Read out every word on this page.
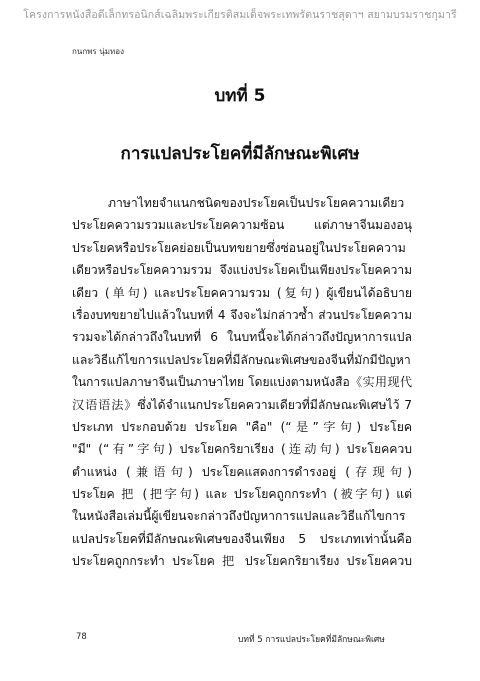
โครงการหนังสือดีเล็กทรอนิกส์เฉลิมพระเกียรติสมเด็จพระเทพรัตนราชสุดาฯ สยามบรมราชกุมารี
กนกพร นุ่มทอง
บทที่ 5
การแปลประโยคที่มีลักษณะพิเศษ
ภาษาไทยจำแนกชนิดของประโยคเป็นประโยคความเดียว
ประโยคความรวมและประโยคความซ้อน แต่ภาษาจีนมองอนุ
ประโยคหรือประโยคย่อยเป็นบทขยายซึ่งซ่อนอยู่ในประโยคความ
เดียวหรือประโยคความรวม จึงแบ่งประโยคเป็นเพียงประโยคความ
เดียว (单句) และประโยคความรวม (复句) ผู้เขียนได้อธิบาย
เรื่องบทขยายไปแล้วในบทที่ 4 จึงจะไม่กล่าวซ้ำ ส่วนประโยคความ
รวมจะได้กล่าวถึงในบทที่ 6 ในบทนี้จะได้กล่าวถึงปัญหาการแปล
และวิธีแก้ไขการแปลประโยคที่มีลักษณะพิเศษของจีนที่มักมีปัญหา
ในการแปลภาษาจีนเป็นภาษาไทย โดยแบ่งตามหนังสือ《实用现代
汉语语法》ซึ่งได้จำแนกประโยคความเดียวที่มีลักษณะพิเศษไว้ 7
ประเภท ประกอบด้วย ประโยค "คือ" (“是”字句) ประโยค
"มี" (“有”字句) ประโยคกริยาเรียง (连动句) ประโยคควบ
ตำแหน่ง (兼语句) ประโยคแสดงการดำรงอยู่ (存现句)
ประโยค 把 (把字句) และ ประโยคถูกกระทำ (被字句) แต่
ในหนังสือเล่มนี้ผู้เขียนจะกล่าวถึงปัญหาการแปลและวิธีแก้ไขการ
แปลประโยคที่มีลักษณะพิเศษของจีนเพียง 5 ประเภทเท่านั้นคือ
ประโยคถูกกระทำ ประโยค 把 ประโยคกริยาเรียง ประโยคควบ
78	บทที่ 5 การแปลประโยคที่มีลักษณะพิเศษ
